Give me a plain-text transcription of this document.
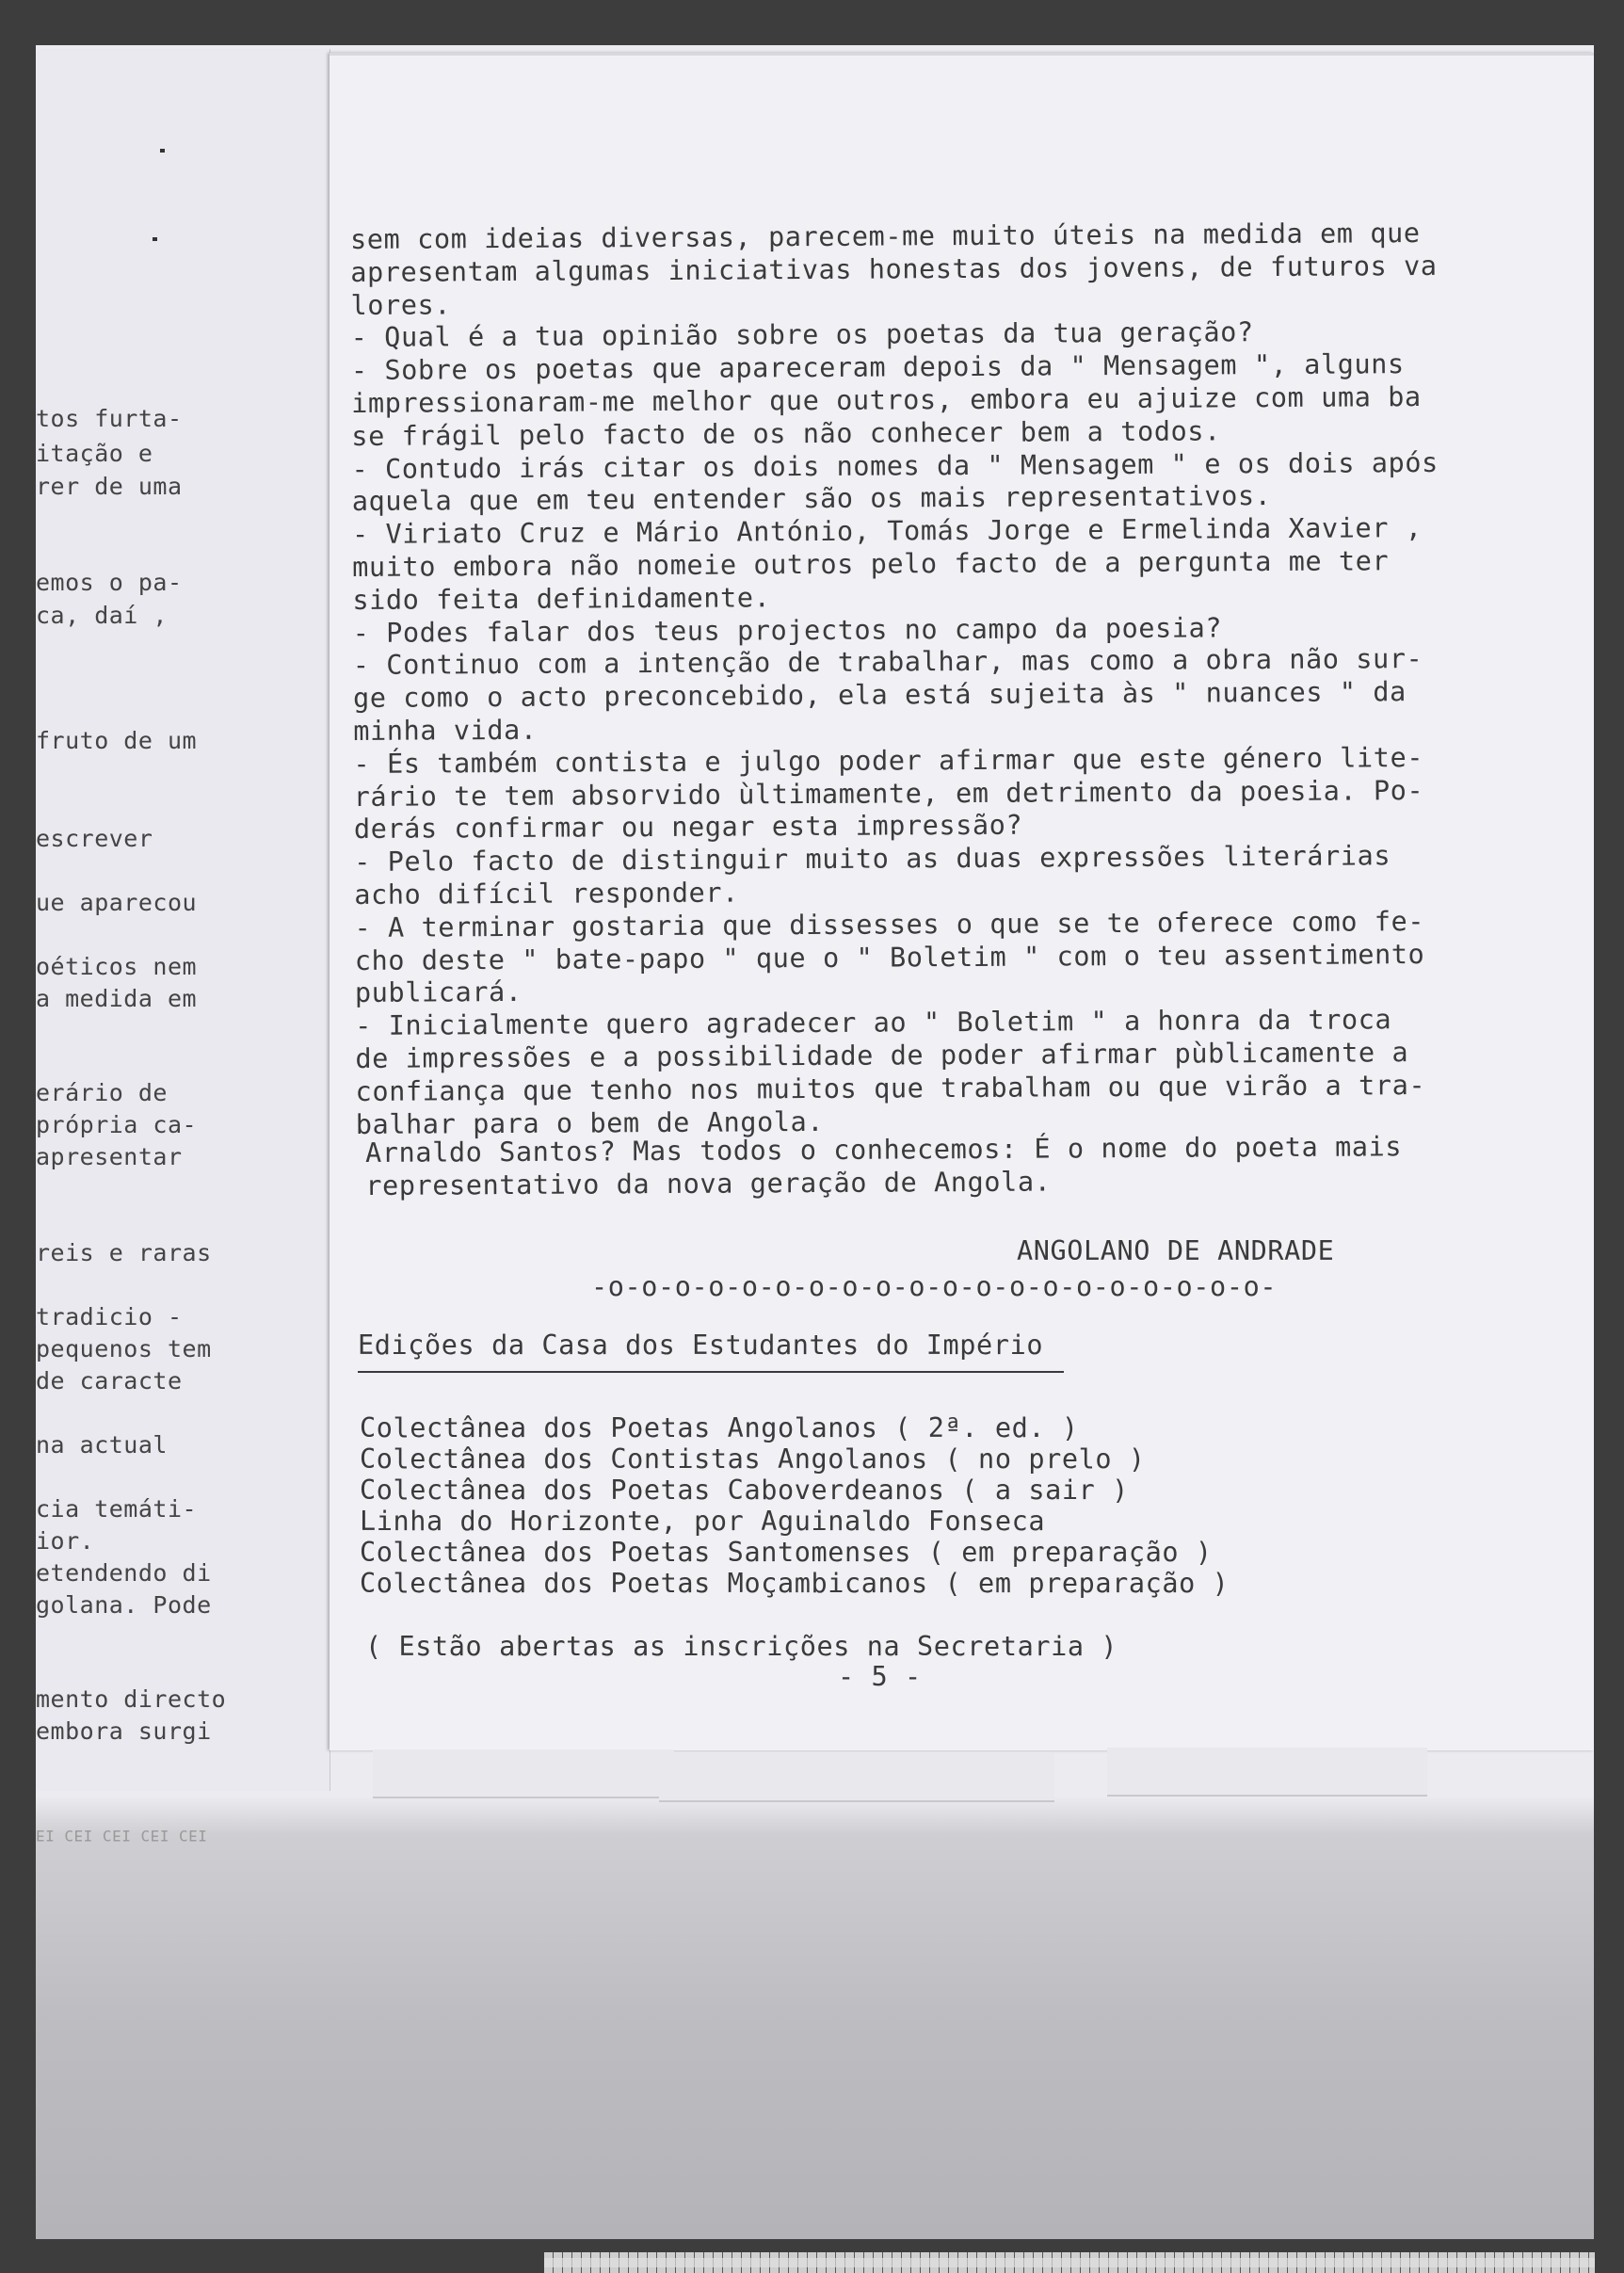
tos furta-
itação e
rer de uma
emos o pa-
ca, daí ,
fruto de um
escrever
ue aparecou
oéticos nem
a medida em
erário de
própria ca-
apresentar
reis e raras
tradicio -
pequenos tem
de caracte
na actual
cia temáti-
ior.
etendendo di
golana. Pode
mento directo
embora surgi
EI CEI CEI CEI CEI
sem com ideias diversas, parecem-me muito úteis na medida em que
apresentam algumas iniciativas honestas dos jovens, de futuros va
lores.
- Qual é a tua opinião sobre os poetas da tua geração?
- Sobre os poetas que apareceram depois da " Mensagem ", alguns
impressionaram-me melhor que outros, embora eu ajuize com uma ba
se frágil pelo facto de os não conhecer bem a todos.
- Contudo irás citar os dois nomes da " Mensagem " e os dois após
aquela que em teu entender são os mais representativos.
- Viriato Cruz e Mário António, Tomás Jorge e Ermelinda Xavier ,
muito embora não nomeie outros pelo facto de a pergunta me ter
sido feita definidamente.
- Podes falar dos teus projectos no campo da poesia?
- Continuo com a intenção de trabalhar, mas como a obra não sur-
ge como o acto preconcebido, ela está sujeita às " nuances " da
minha vida.
- És também contista e julgo poder afirmar que este género lite-
rário te tem absorvido ùltimamente, em detrimento da poesia. Po-
derás confirmar ou negar esta impressão?
- Pelo facto de distinguir muito as duas expressões literárias
acho difícil responder.
- A terminar gostaria que dissesses o que se te oferece como fe-
cho deste " bate-papo " que o " Boletim " com o teu assentimento
publicará.
- Inicialmente quero agradecer ao " Boletim " a honra da troca
de impressões e a possibilidade de poder afirmar pùblicamente a
confiança que tenho nos muitos que trabalham ou que virão a tra-
balhar para o bem de Angola.
Arnaldo Santos? Mas todos o conhecemos: É o nome do poeta mais
representativo da nova geração de Angola.
ANGOLANO DE ANDRADE
-o-o-o-o-o-o-o-o-o-o-o-o-o-o-o-o-o-o-o-o-
Edições da Casa dos Estudantes do Império
Colectânea dos Poetas Angolanos ( 2ª. ed. )
Colectânea dos Contistas Angolanos ( no prelo )
Colectânea dos Poetas Caboverdeanos ( a sair )
Linha do Horizonte, por Aguinaldo Fonseca
Colectânea dos Poetas Santomenses ( em preparação )
Colectânea dos Poetas Moçambicanos ( em preparação )
( Estão abertas as inscrições na Secretaria )
- 5 -
